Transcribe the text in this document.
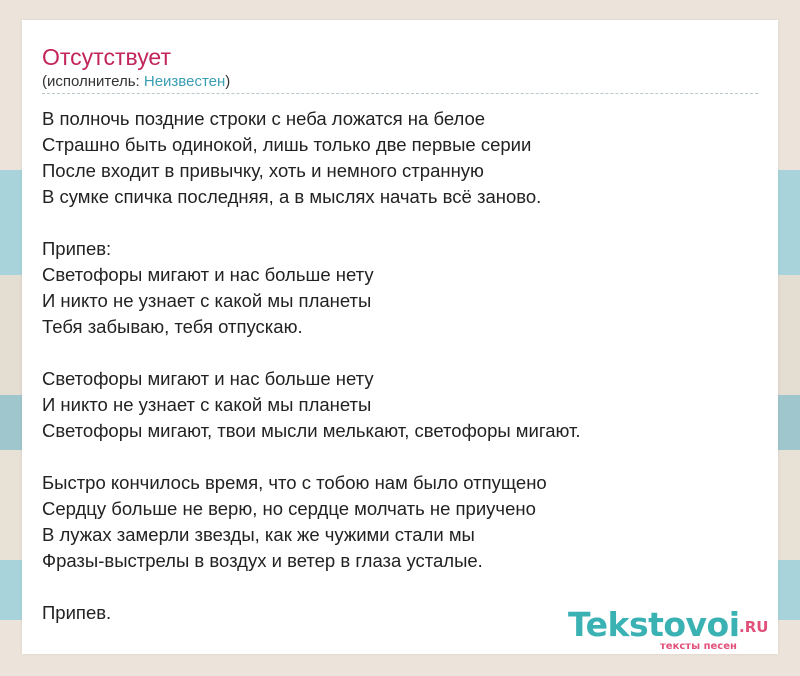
Отсутствует
(исполнитель: Неизвестен)
В полночь поздние строки с неба ложатся на белое
Страшно быть одинокой, лишь только две первые серии
После входит в привычку, хоть и немного странную
В сумке спичка последняя, а в мыслях начать всё заново.
Припев:
Светофоры мигают и нас больше нету
И никто не узнает с какой мы планеты
Тебя забываю, тебя отпускаю.
Светофоры мигают и нас больше нету
И никто не узнает с какой мы планеты
Светофоры мигают, твои мысли мелькают, светофоры мигают.
Быстро кончилось время, что с тобою нам было отпущено
Сердцу больше не верю, но сердце молчать не приучено
В лужах замерли звезды, как же чужими стали мы
Фразы-выстрелы в воздух и ветер в глаза усталые.
Припев.	Tekstovoi .RU
тексты песен
